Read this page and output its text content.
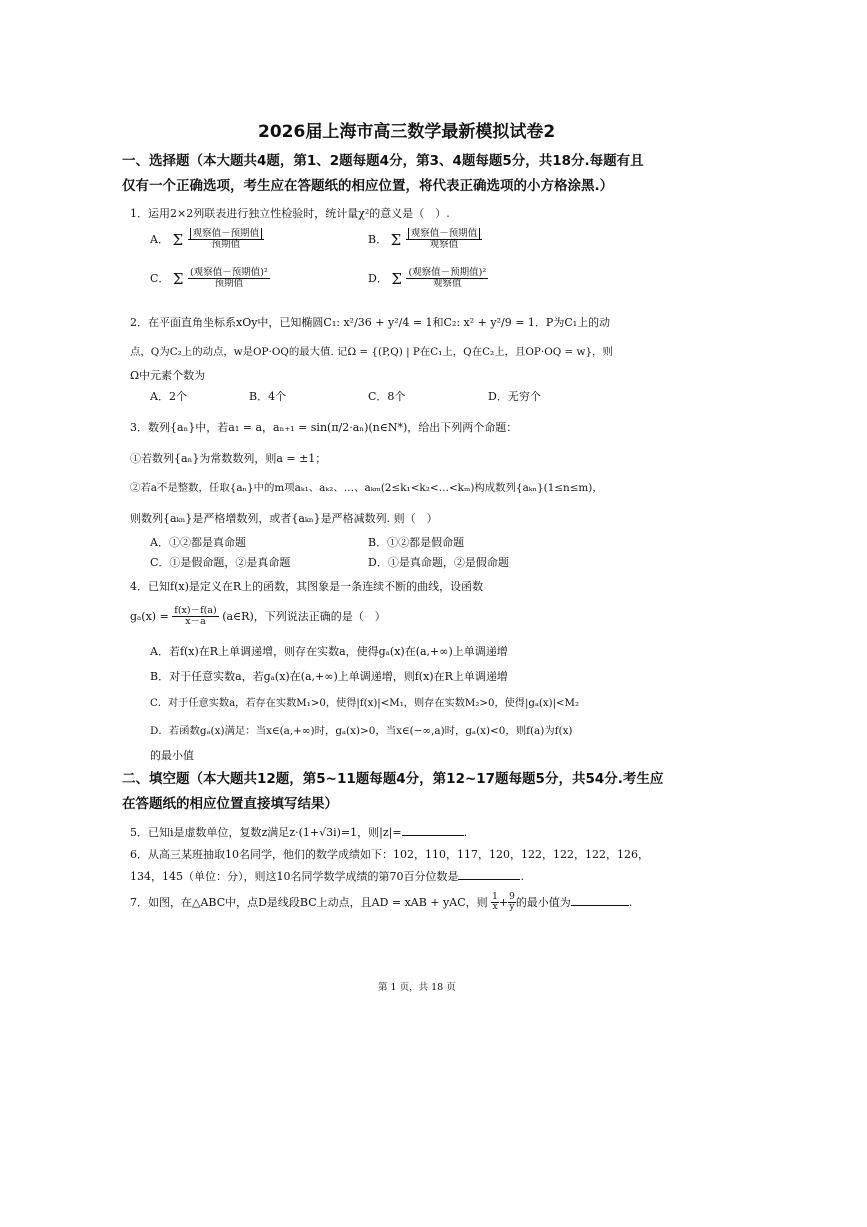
2026届上海市高三数学最新模拟试卷2
一、选择题（本大题共4题，第1、2题每题4分，第3、4题每题5分，共18分.每题有且
仅有一个正确选项，考生应在答题纸的相应位置，将代表正确选项的小方格涂黑.）
1．运用2×2列联表进行独立性检验时，统计量χ²的意义是（　）.
A． Σ $\frac{\text{观察值－预期值}}{\text{预期值}}$	B． Σ $\frac{\text{观察值－预期值}}{\text{观察值}}$
C． Σ $\frac{\text{(观察值－预期值)²}}{\text{预期值}}$	D． Σ $\frac{\text{(观察值－预期值)²}}{\text{观察值}}$
2．在平面直角坐标系xOy中，已知椭圆C₁: x²/36 + y²/4 = 1和C₂: x² + y²/9 = 1．P为C₁上的动
点，Q为C₂上的动点，w是OP·OQ的最大值. 记Ω = {(P,Q) | P在C₁上，Q在C₂上，且OP·OQ = w}，则
Ω中元素个数为
A．2个	B．4个	C．8个	D．无穷个
3．数列{aₙ}中，若a₁ = a，aₙ₊₁ = sin(π/2·aₙ)(n∈N*)，给出下列两个命题：
①若数列{aₙ}为常数数列，则a = ±1；
②若a不是整数，任取{aₙ}中的m项aₖ₁、aₖ₂、…、aₖₘ(2≤k₁<k₂<…<kₘ)构成数列{aₖₙ}(1≤n≤m)，
则数列{aₖₙ}是严格增数列，或者{aₖₙ}是严格减数列. 则（　）
A．①②都是真命题	B．①②都是假命题
C．①是假命题，②是真命题	D．①是真命题，②是假命题
4．已知f(x)是定义在R上的函数，其图象是一条连续不断的曲线，设函数
$g_a(x) = \frac{f(x)-f(a)}{x-a}$ (a∈R)，下列说法正确的是（　）
A．若f(x)在R上单调递增，则存在实数a，使得gₐ(x)在(a,+∞)上单调递增
B．对于任意实数a，若gₐ(x)在(a,+∞)上单调递增，则f(x)在R上单调递增
C．对于任意实数a，若存在实数M₁>0，使得|f(x)|<M₁，则存在实数M₂>0，使得|gₐ(x)|<M₂
D．若函数gₐ(x)满足：当x∈(a,+∞)时，gₐ(x)>0，当x∈(−∞,a)时，gₐ(x)<0，则f(a)为f(x)
的最小值
二、填空题（本大题共12题，第5~11题每题4分，第12~17题每题5分，共54分.考生应
在答题纸的相应位置直接填写结果）
5．已知i是虚数单位，复数z满足z·(1+√3i)=1，则|z|=	.
6．从高三某班抽取10名同学，他们的数学成绩如下：102，110，117，120，122，122，122，126，
134，145（单位：分），则这10名同学数学成绩的第70百分位数是	.
7．如图，在△ABC中，点D是线段BC上动点，且AD = xAB + yAC，则 $\frac{1}{x} + \frac{9}{y}$ 的最小值为	.
第 1 页，共 18 页
